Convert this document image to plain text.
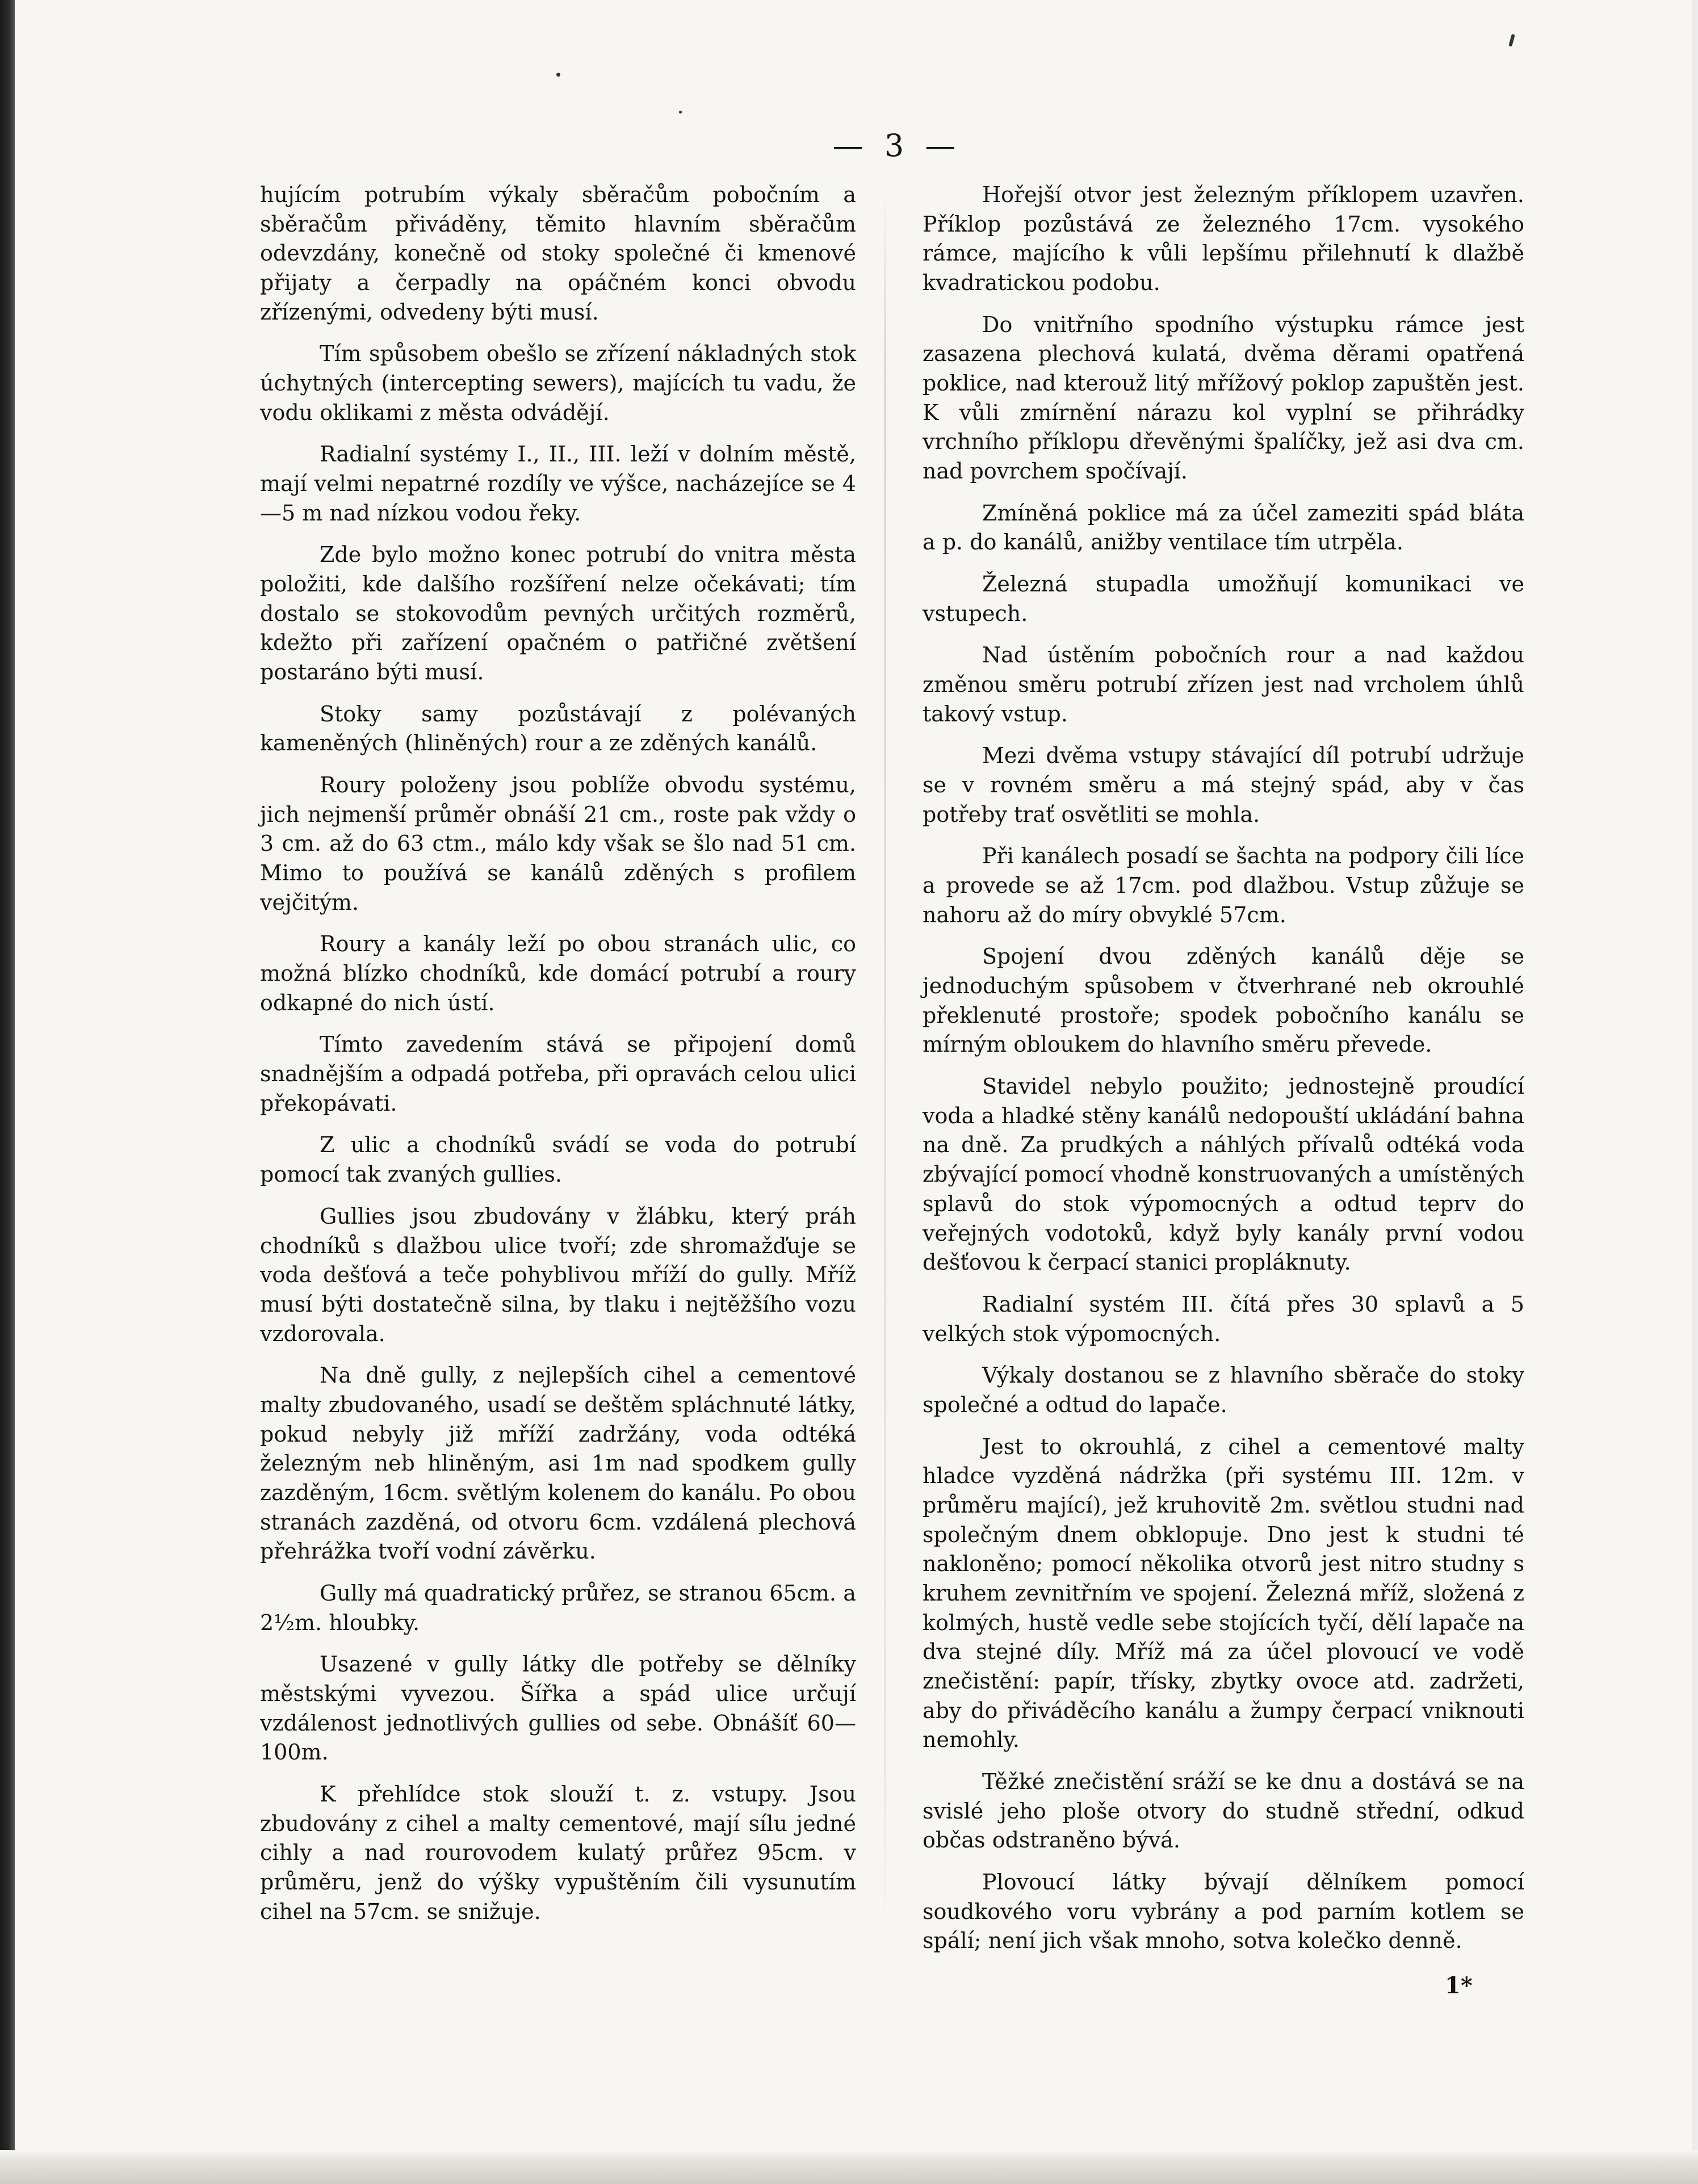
— 3 —

hujícím potrubím výkaly sběračům pobočním a sběračům přiváděny, těmito hlavním sběračům odevzdány, konečně od stoky společné či kmenové přijaty a čerpadly na opáčném konci obvodu zřízenými, odvedeny býti musí.

Tím spůsobem obešlo se zřízení nákladných stok úchytných (intercepting sewers), majících tu vadu, že vodu oklikami z města odvádějí.

Radialní systémy I., II., III. leží v dolním městě, mají velmi nepatrné rozdíly ve výšce, nacházejíce se 4—5 m nad nízkou vodou řeky.

Zde bylo možno konec potrubí do vnitra města položiti, kde dalšího rozšíření nelze očekávati; tím dostalo se stokovodům pevných určitých rozměrů, kdežto při zařízení opačném o patřičné zvětšení postaráno býti musí.

Stoky samy pozůstávají z polévaných kameněných (hliněných) rour a ze zděných kanálů.

Roury položeny jsou poblíže obvodu systému, jich nejmenší průměr obnáší 21 cm., roste pak vždy o 3 cm. až do 63 ctm., málo kdy však se šlo nad 51 cm. Mimo to používá se kanálů zděných s profilem vejčitým.

Roury a kanály leží po obou stranách ulic, co možná blízko chodníků, kde domácí potrubí a roury odkapné do nich ústí.

Tímto zavedením stává se připojení domů snadnějším a odpadá potřeba, při opravách celou ulici překopávati.

Z ulic a chodníků svádí se voda do potrubí pomocí tak zvaných gullies.

Gullies jsou zbudovány v žlábku, který práh chodníků s dlažbou ulice tvoří; zde shromažďuje se voda dešťová a teče pohyblivou mříží do gully. Mříž musí býti dostatečně silna, by tlaku i nejtěžšího vozu vzdorovala.

Na dně gully, z nejlepších cihel a cementové malty zbudovaného, usadí se deštěm spláchnuté látky, pokud nebyly již mříží zadržány, voda odtéká železným neb hliněným, asi 1m nad spodkem gully zazděným, 16cm. světlým kolenem do kanálu. Po obou stranách zazděná, od otvoru 6cm. vzdálená plechová přehrážka tvoří vodní závěrku.

Gully má quadratický průřez, se stranou 65cm. a 2½m. hloubky.

Usazené v gully látky dle potřeby se dělníky městskými vyvezou. Šířka a spád ulice určují vzdálenost jednotlivých gullies od sebe. Obnášíť 60—100m.

K přehlídce stok slouží t. z. vstupy. Jsou zbudovány z cihel a malty cementové, mají sílu jedné cihly a nad rourovodem kulatý průřez 95cm. v průměru, jenž do výšky vypuštěním čili vysunutím cihel na 57cm. se snižuje.

Hořejší otvor jest železným příklopem uzavřen. Příklop pozůstává ze železného 17cm. vysokého rámce, majícího k vůli lepšímu přilehnutí k dlažbě kvadratickou podobu.

Do vnitřního spodního výstupku rámce jest zasazena plechová kulatá, dvěma děrami opatřená poklice, nad kterouž litý mřížový poklop zapuštěn jest. K vůli zmírnění nárazu kol vyplní se přihrádky vrchního příklopu dřevěnými špalíčky, jež asi dva cm. nad povrchem spočívají.

Zmíněná poklice má za účel zameziti spád bláta a p. do kanálů, anižby ventilace tím utrpěla.

Železná stupadla umožňují komunikaci ve vstupech.

Nad ústěním pobočních rour a nad každou změnou směru potrubí zřízen jest nad vrcholem úhlů takový vstup.

Mezi dvěma vstupy stávající díl potrubí udržuje se v rovném směru a má stejný spád, aby v čas potřeby trať osvětliti se mohla.

Při kanálech posadí se šachta na podpory čili líce a provede se až 17cm. pod dlažbou. Vstup zůžuje se nahoru až do míry obvyklé 57cm.

Spojení dvou zděných kanálů děje se jednoduchým spůsobem v čtverhrané neb okrouhlé překlenuté prostoře; spodek pobočního kanálu se mírným obloukem do hlavního směru převede.

Stavidel nebylo použito; jednostejně proudící voda a hladké stěny kanálů nedopouští ukládání bahna na dně. Za prudkých a náhlých přívalů odtéká voda zbývající pomocí vhodně konstruovaných a umístěných splavů do stok výpomocných a odtud teprv do veřejných vodotoků, když byly kanály první vodou dešťovou k čerpací stanici propláknuty.

Radialní systém III. čítá přes 30 splavů a 5 velkých stok výpomocných.

Výkaly dostanou se z hlavního sběrače do stoky společné a odtud do lapače.

Jest to okrouhlá, z cihel a cementové malty hladce vyzděná nádržka (při systému III. 12m. v průměru mající), jež kruhovitě 2m. světlou studni nad společným dnem obklopuje. Dno jest k studni té nakloněno; pomocí několika otvorů jest nitro studny s kruhem zevnitřním ve spojení. Železná mříž, složená z kolmých, hustě vedle sebe stojících tyčí, dělí lapače na dva stejné díly. Mříž má za účel plovoucí ve vodě znečistění: papír, třísky, zbytky ovoce atd. zadržeti, aby do přiváděcího kanálu a žumpy čerpací vniknouti nemohly.

Těžké znečistění sráží se ke dnu a dostává se na svislé jeho ploše otvory do studně střední, odkud občas odstraněno bývá.

Plovoucí látky bývají dělníkem pomocí soudkového voru vybrány a pod parním kotlem se spálí; není jich však mnoho, sotva kolečko denně.

1*
